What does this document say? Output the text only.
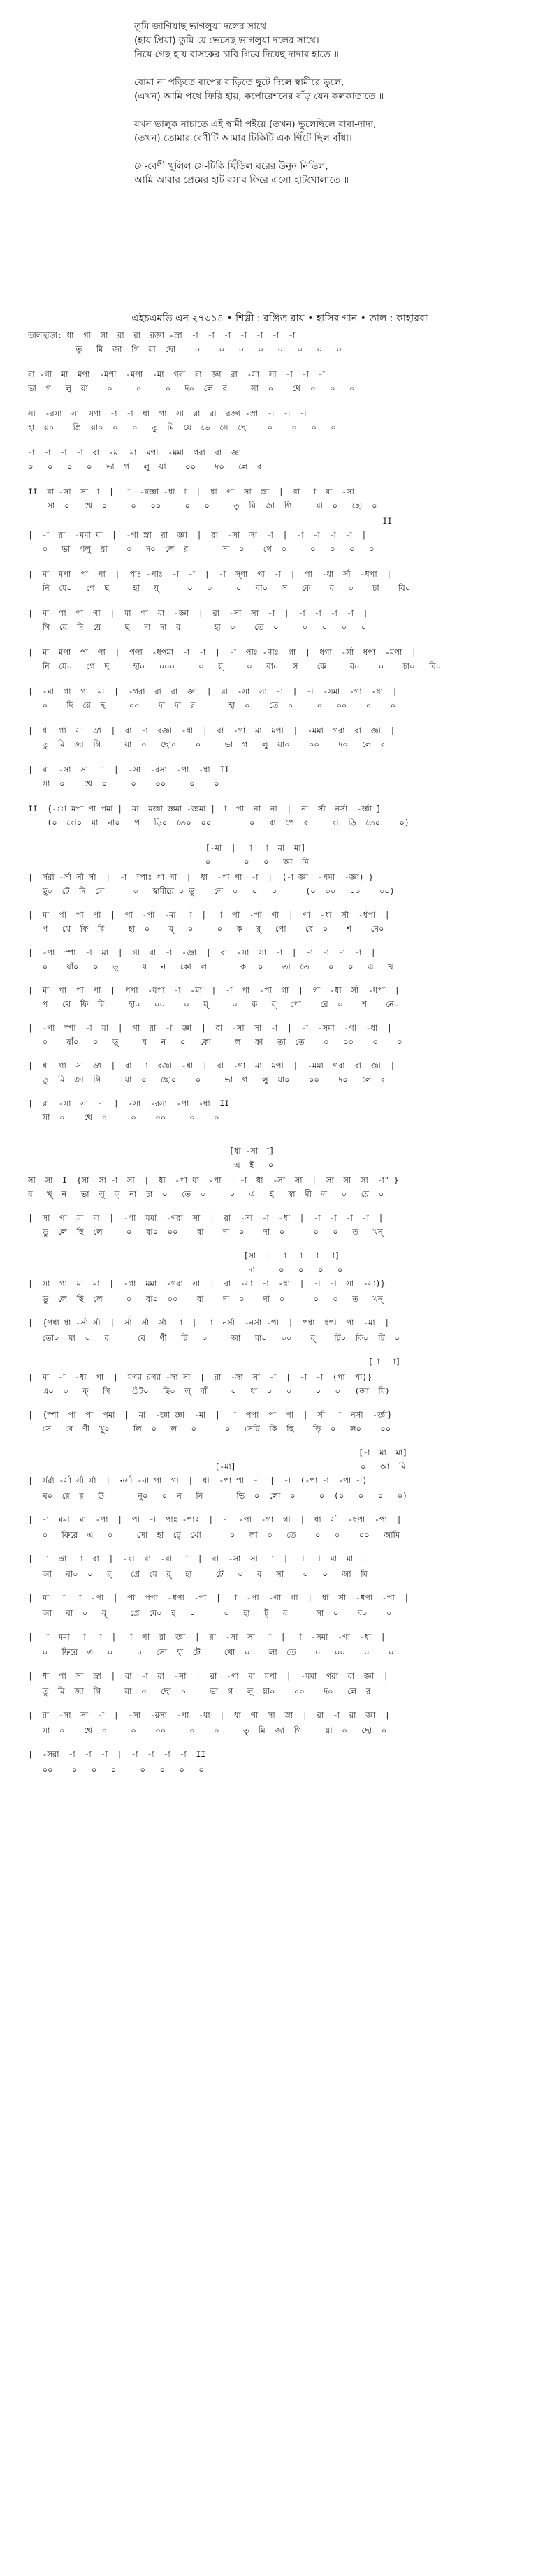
তুমি জাগিয়াছ ভাগলুয়া দলের সাথে
(হায় প্রিয়া) তুমি যে ভেসেছ ভাগলুয়া দলের সাথে।
নিয়ে গেছ হায় বাসকের চাবি গিয়ে দিয়েছ দাদার হাতে ॥
বোমা না পড়িতে বাপের বাড়িতে ছুটে দিলে স্বামীরে ভুলে,
(এখন) আমি পথে ফিরি হায়, কর্পোরেশনের ষাঁড় যেন কলকাতাতে ॥
যখন ভালুক নাচাতে এই স্বামী পইয়ে (তখন) ভুলেছিলে বাবা-দাদা,
(তখন) তোমার বেণীটি আমার টিকিটি এক গিঁটে ছিল বাঁধা।
সে-বেণী খুলিল সে-টিকি ছিঁড়িল ঘরের উনুন নিভিল,
আমি আবার প্রেমের হাট বসাব ফিরে এসো হাটখোলাতে ॥
এইচএমভি এন ২৭৩১৪ • শিল্পী : রঞ্জিত রায় • হাসির গান • তাল : কাহারবা
তালছাড়া: ধা  গা  সা  রা  রা  রজ্ঞা -স্রা  -া  -া  -া  -া  -া  -া  -া
তু   মি  জা  গি  য়া  ছো    ০    ০   ০   ০   ০   ০   ০   ০
রা -গা  মা  মপা  -মপা  -মপা  -মা  গরা  রা  জ্ঞা  রা  -সা  সা  -া  -া  -া
ভা  গ   লু  য়া    ০     ০     ০   দ০  লে  র     সা  ০    থে  ০   ০   ০
সা  -রসা  সা  সণা  -া  -া  ধা  গা  সা  রা  রা  রজ্ঞা -স্রা  -া  -া  -া
হা  য়০    প্রি  য়া০  ০   ০   তু  মি  যে  ভে  সে  ছো    ০    ০   ০   ০
-া  -া  -া  -া  রা  -মা  মা  মপা  -মমা  গরা  রা  জ্ঞা
০   ০   ০   ০   ভা  গ   লু  য়া    ০০    দ০   লে  র
II  রা -সা  সা -া  |  -া  -রজ্ঞা -ধা -া  |  ধা  গা  সা  স্রা  |  রা  -া  রা  -সা
সা  ০   থে  ০     ০   ০০     ০   ০     তু  মি  জা  গি     য়া  ০   ছো  ০
II
|  -া  রা  -মমা মা  |  -গা স্রা  রা  জ্ঞা  |  রা  -সা  সা  -া  |  -া  -া  -া  -া  |
০   ভা  গলু  য়া    ০   দ০  লে  র       সা  ০    থে  ০     ০   ০   ০   ০
|  মা  মপা  পা  পা  |  পাঃ -পাঃ  -া  -া  |  -া  স্ণা  গা  -া  |  গা  -ধা  র্সা  -ধপা  |
নি  যে০   গে  ছ     হা   য়্      ০   ০     ০   বা০   স   কে    র   ০    চা    বি০
|  মা  গা  গা  গা  |  মা  গা  রা  -জ্ঞা  |  রা  -সা  সা  -া  |  -া  -া  -া  -া  |
গি  য়ে  দি  য়ে     ছ   দা  দা  র       হা  ০    তে  ০     ০   ০   ০   ০
|  মা  মপা  পা  পা  |  পপা  -ধপমা  -া  -া  |  -া  পাঃ -ণাঃ  গা  |  ধগা  -র্সা  ধপা  -মপা  |
নি  যে০   গে  ছ     হা০   ০০০     ০   য়্     ০   বা০   স    কে     র০    ০    চা০   বি০
|  -মা  গা  গা  মা  |  -গরা  রা  রা  জ্ঞা  |  রা  -সা  সা  -া  |  -া  -সমা  -গা  -ধা  |
০    দি  য়ে  ছ     ০০    দা  দা  র       হা  ০    তে  ০     ০   ০০    ০    ০
|  ধা  গা  সা  স্রা  |  রা  -া  রজ্ঞা  -ধা  |  রা  -গা  মা  মপা  |  -মমা  গরা  রা  জ্ঞা  |
তু  মি  জা  গি     য়া  ০   ছো০    ০     ভা  গ   লু  য়া০    ০০    দ০   লে  র
|  রা  -সা  সা  -া  |  -সা  -রসা  -পা  -ধা  II
সা  ০    থে  ০     ০    ০০     ০    ০
II  {-া মপা পা পমা |  মা  মজ্ঞা জ্ঞমা -জ্ঞমা | -া  পা  না  না  |  না  র্সা  নর্সা  -র্জ্ঞা }
(০  বো০  মা  না০   প   ড়ি০  তে০  ০০        ০   বা  পে  র     বা  ড়ি  তে০    ০)
[-মা  |  -া  -া  মা  মা]
০       ০   ০   আ  মি
|  র্সর্রা -র্সা র্সা র্সা  |  -া  স্পাঃ পা গা  |  ধা  -পা পা  -া  |  (-া জ্ঞা  -পমা  -জ্ঞা) }
ছু০  টে  দি  লে      ০   স্বামীরে ০ ভু    লে  ০   ০   ০      (০  ০০   ০০    ০০)
|  মা  পা  পা  পা  |  পা  -পা  -মা  -া  |  -া  পা  -পা  গা  |  গা  -ধা  র্সা  -ধপা  |
প   থে  ফি  রি     হা  ০    য়্   ০     ০   ক   র্   পো    রে  ০    শ    নে০
|  -পা  স্পা  -া  মা  |  গা  রা  -া  -জ্ঞা  |  রা  -সা  সা  -া  |  -া  -া  -া  -া  |
০    ষাঁ০   ০   ড়্     য   ন   কো  ল       কা  ০    তা  তে    ০   ০   এ   খ
|  মা  পা  পা  পা  |  পপা  -ধপা  -া  -মা  |  -া  পা  -পা  গা  |  গা  -ধা  র্সা  -ধপা  |
প   থে  ফি  রি     হা০   ০০    ০   য়্     ০   ক   র্   পো    রে  ০    শ    নে০
|  -পা  স্পা  -া  মা  |  গা  রা  -া  জ্ঞা  |  রা  -সা  সা  -া  |  -া  -সমা  -গা  -ধা  |
০    ষাঁ০   ০   ড়্     য   ন   ০   কো     ল   কা   তা  তে    ০   ০০    ০    ০
|  ধা  গা  সা  স্রা  |  রা  -া  রজ্ঞা  -ধা  |  রা  -গা  মা  মপা  |  -মমা  গরা  রা  জ্ঞা  |
তু  মি  জা  গি     য়া  ০   ছো০    ০     ভা  গ   লু  য়া০    ০০    দ০   লে  র
|  রা  -সা  সা  -া  |  -সা  -রসা  -পা  -ধা  II
সা  ০    থে  ০     ০    ০০     ০    ০
[ধা -সা -া]
এ  ই   ০
সা  সা  I  {সা  সা -া  সা  |  ধা  -পা ধা  -পা  | -া  ধা  -সা  সা  |  সা  সা  সা  -া" }
য   খ্  ন   ভা  লু  ক্  না  চা  ০   তে  ০     ০   এ   ই   স্বা  মী  ল   ০   য়ে  ০
|  সা  গা  মা  মা  |  -গা  মমা  -গরা  সা  |  রা  -সা  -া  -ধা  |  -া  -া  -া  -া  |
ভু  লে  ছি  লে     ০   বা০  ০০    বা    দা  ০    দা  ০      ০   ০   ত   খন্
[সা  |  -া  -া  -া  -া]
দা     ০   ০   ০   ০
|  সা  গা  মা  মা  |  -গা  মমা  -গরা  সা  |  রা  -সা  -া  -ধা  |  -া  -া  সা  -সা)}
ভু  লে  ছি  লে     ০   বা০  ০০    বা    দা  ০    দা  ০      ০   ০   ত   খন্
|  {পধা ধা -র্সা র্সা  |  র্সা  র্সা  র্সা  -া  |  -া  নর্সা  -নর্সা -পা  |  পধা  ধপা  পা  -মা  |
তো০  মা  ০   র      বে   ণী   টি   ০     আ   মা০   ০০    র্    টি০  কি০  টি  ০
[-া  -া]
|  মা  -া  -ধা  পা  |  মগ্যা রগ্যা -সা সা  |  রা  -সা  সা  -া  |  -া  -া  (পা  পা)}
এ০  ০   ক্   গি     ঁট০   ছি০  ল্  বাঁ     ০   ধা  ০   ০     ০   ০   (আ  মি)
|  {স্পা  পা  পা  পমা  |  মা  -জ্ঞা জ্ঞা  -মা  |  -া  পপা  পা  পা  |  র্সা  -া  নর্সা  -র্জ্ঞা}
সে   বে  ণী  খু০     লি  ০   ল   ০      ০   সেটি  কি  ছি    ড়ি  ০   ল০    ০০
[-া  মা  মা]
[-মা]                          ০   আ  মি
|  র্সর্রা -র্সা র্সা র্সা  |  নর্সা -না পা  গা  |  ধা  -পা পা  -া  |  -া  (-পা -া  -পা -া)
ঘ০  রে  র   উ       নু০   ০  ন   নি       ভি  ০  লো  ০     ০  (০   ০   ০   ০)
|  -া  মমা  মা  -পা  |  পা  -া  পাঃ -পাঃ  |  -া  -পা  -গা  গা  |  ধা  র্সা  -ধপা  -পা  |
০   ফিরে  এ   ০     সো  হা  টে্  খো      ০   লা  ০   তে    ০   ০    ০০   আমি
|  -া  স্রা  -া  রা  |  -রা  রা  -রা  -া  |  রা  -সা  সা  -া  |  -া  -া  মা  মা  |
আ   বা০  ০   র্    প্রে  মে  র্   হা     টে   ০   ব   সা    ০   ০   আ  মি
|  মা  -া  -া  -পা  |  পা  পপা  -ধপা  -পা  |  -া  -পা  -গা  গা  |  ধা  র্সা  -ধপা  -পা  |
আ   বা  ০   র্     প্রে  মে০  হ   ০      ০   হা   ট্   ব      সা  ০    ব০    ০
|  -া  মমা  -া  -া  |  -া  গা  রা  জ্ঞা  |  রা  -সা  সা  -া  |  -া  -সমা  -গা  -ধা  |
০   ফিরে  এ   ০     ০   সো  হা  টে     খো  ০    লা  তে    ০   ০০    ০    ০
|  ধা  গা  সা  স্রা  |  রা  -া  রা  -সা  |  রা  -গা  মা  মপা  |  -মমা  গরা  রা  জ্ঞা  |
তু  মি  জা  গি     য়া  ০   ছো  ০     ভা  গ   লু  য়া০    ০০    দ০   লে  র
|  রা  -সা  সা  -া  |  -সা  -রসা  -পা  -ধা  |  ধা  গা  সা  স্রা  |  রা  -া  রা  জ্ঞা  |
সা  ০    থে  ০     ০    ০০     ০    ০     তু  মি  জা  গি     য়া  ০   ছো  ০
|  -সরা  -া  -া  -া  |  -া  -া  -া  -া  II
০০    ০   ০   ০     ০   ০   ০   ০
